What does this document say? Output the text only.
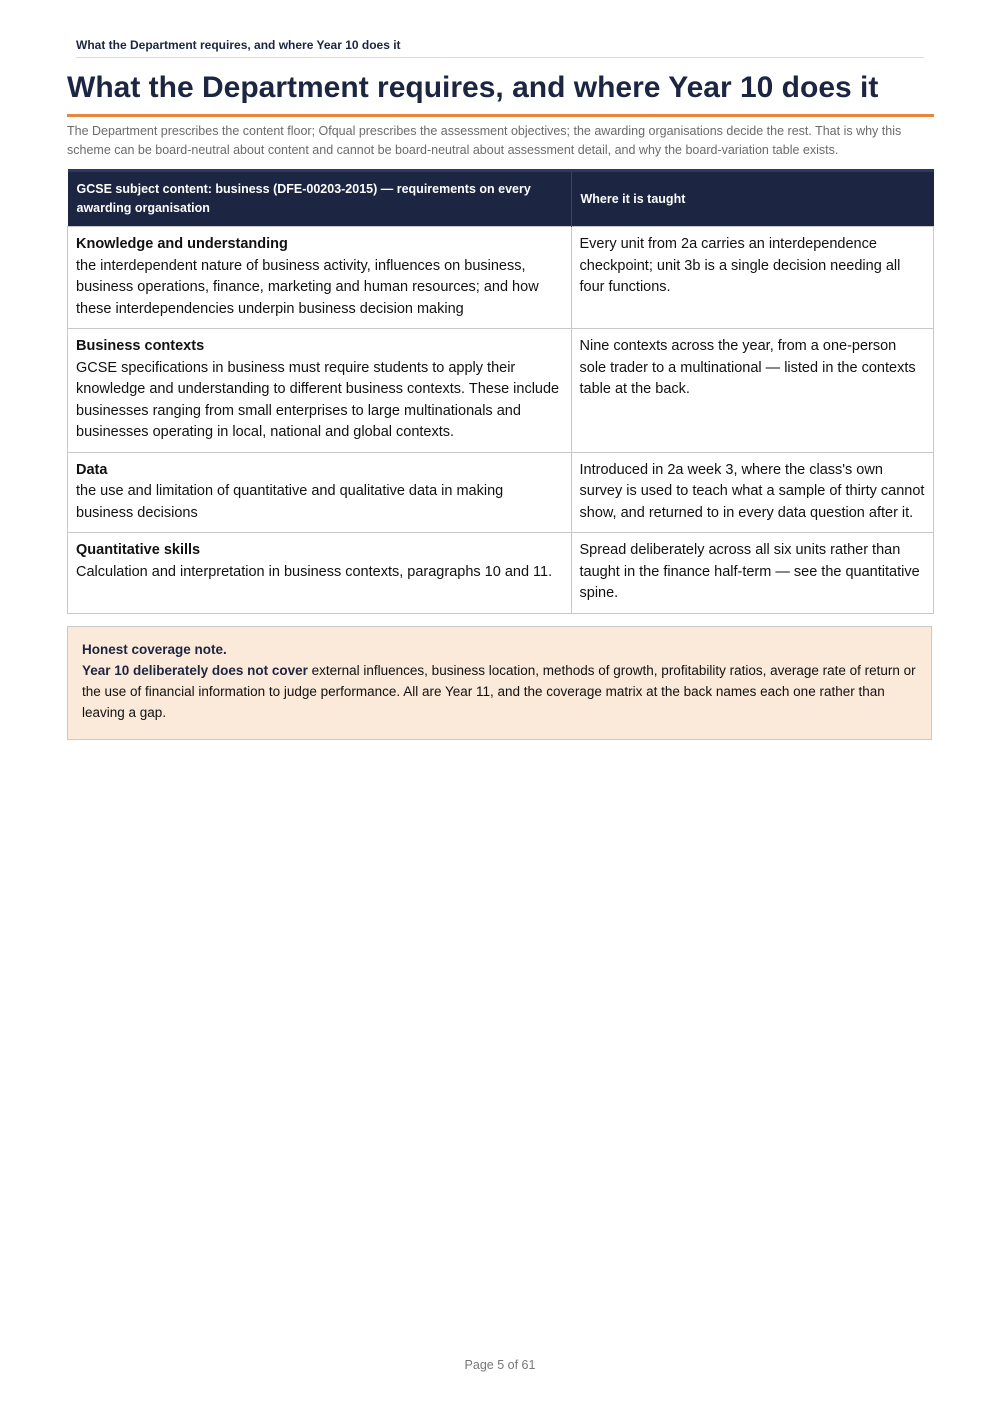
What the Department requires, and where Year 10 does it
What the Department requires, and where Year 10 does it

The Department prescribes the content floor; Ofqual prescribes the assessment objectives; the awarding organisations decide the rest. That is why this scheme can be board-neutral about content and cannot be board-neutral about assessment detail, and why the board-variation table exists.

GCSE subject content: business (DFE-00203-2015) — requirements on every awarding organisation	Where it is taught

Knowledge and understanding
the interdependent nature of business activity, influences on business, business operations, finance, marketing and human resources; and how these interdependencies underpin business decision making	Every unit from 2a carries an interdependence checkpoint; unit 3b is a single decision needing all four functions.

Business contexts
GCSE specifications in business must require students to apply their knowledge and understanding to different business contexts. These include businesses ranging from small enterprises to large multinationals and businesses operating in local, national and global contexts.	Nine contexts across the year, from a one-person sole trader to a multinational — listed in the contexts table at the back.

Data
the use and limitation of quantitative and qualitative data in making business decisions	Introduced in 2a week 3, where the class's own survey is used to teach what a sample of thirty cannot show, and returned to in every data question after it.

Quantitative skills
Calculation and interpretation in business contexts, paragraphs 10 and 11.	Spread deliberately across all six units rather than taught in the finance half-term — see the quantitative spine.
Honest coverage note.
Year 10 deliberately does not cover external influences, business location, methods of growth, profitability ratios, average rate of return or the use of financial information to judge performance. All are Year 11, and the coverage matrix at the back names each one rather than leaving a gap.
Page 5 of 61
